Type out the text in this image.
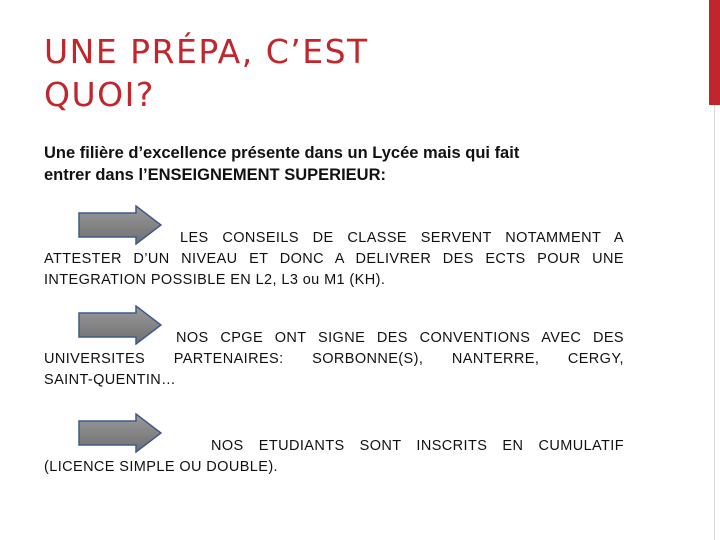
UNE PRÉPA, C’EST
QUOI?

Une filière d’excellence présente dans un Lycée mais qui fait
entrer dans l’ENSEIGNEMENT SUPERIEUR:

LES CONSEILS DE CLASSE SERVENT NOTAMMENT A
ATTESTER D’UN NIVEAU ET DONC A DELIVRER DES ECTS POUR UNE
INTEGRATION POSSIBLE EN L2, L3 ou M1 (KH).

NOS CPGE ONT SIGNE DES CONVENTIONS AVEC DES
UNIVERSITES PARTENAIRES: SORBONNE(S), NANTERRE, CERGY,
SAINT-QUENTIN…

NOS ETUDIANTS SONT INSCRITS EN CUMULATIF
(LICENCE SIMPLE OU DOUBLE).
